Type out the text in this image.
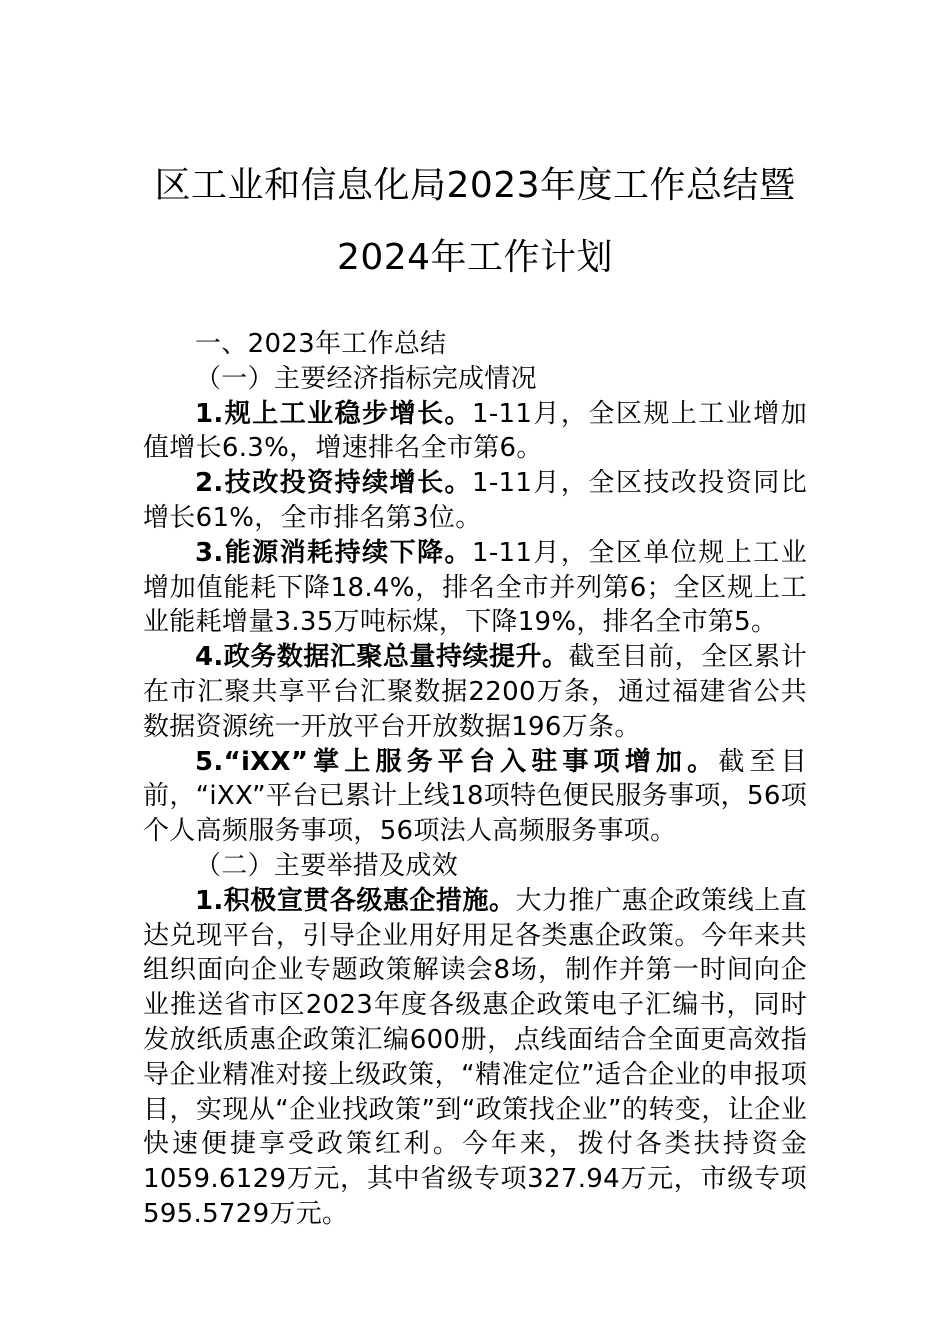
区工业和信息化局2023年度工作总结暨
2024年工作计划

一、2023年工作总结

（一）主要经济指标完成情况

1.规上工业稳步增长。1-11月，全区规上工业增加值增长6.3%，增速排名全市第6。

2.技改投资持续增长。1-11月，全区技改投资同比增长61%，全市排名第3位。

3.能源消耗持续下降。1-11月，全区单位规上工业增加值能耗下降18.4%，排名全市并列第6；全区规上工业能耗增量3.35万吨标煤，下降19%，排名全市第5。

4.政务数据汇聚总量持续提升。截至目前，全区累计在市汇聚共享平台汇聚数据2200万条，通过福建省公共数据资源统一开放平台开放数据196万条。

5.“iXX”掌上服务平台入驻事项增加。截至目前，“iXX”平台已累计上线18项特色便民服务事项，56项个人高频服务事项，56项法人高频服务事项。

（二）主要举措及成效

1.积极宣贯各级惠企措施。大力推广惠企政策线上直达兑现平台，引导企业用好用足各类惠企政策。今年来共组织面向企业专题政策解读会8场，制作并第一时间向企业推送省市区2023年度各级惠企政策电子汇编书，同时发放纸质惠企政策汇编600册，点线面结合全面更高效指导企业精准对接上级政策，“精准定位”适合企业的申报项目，实现从“企业找政策”到“政策找企业”的转变，让企业快速便捷享受政策红利。今年来，拨付各类扶持资金1059.6129万元，其中省级专项327.94万元，市级专项595.5729万元。
